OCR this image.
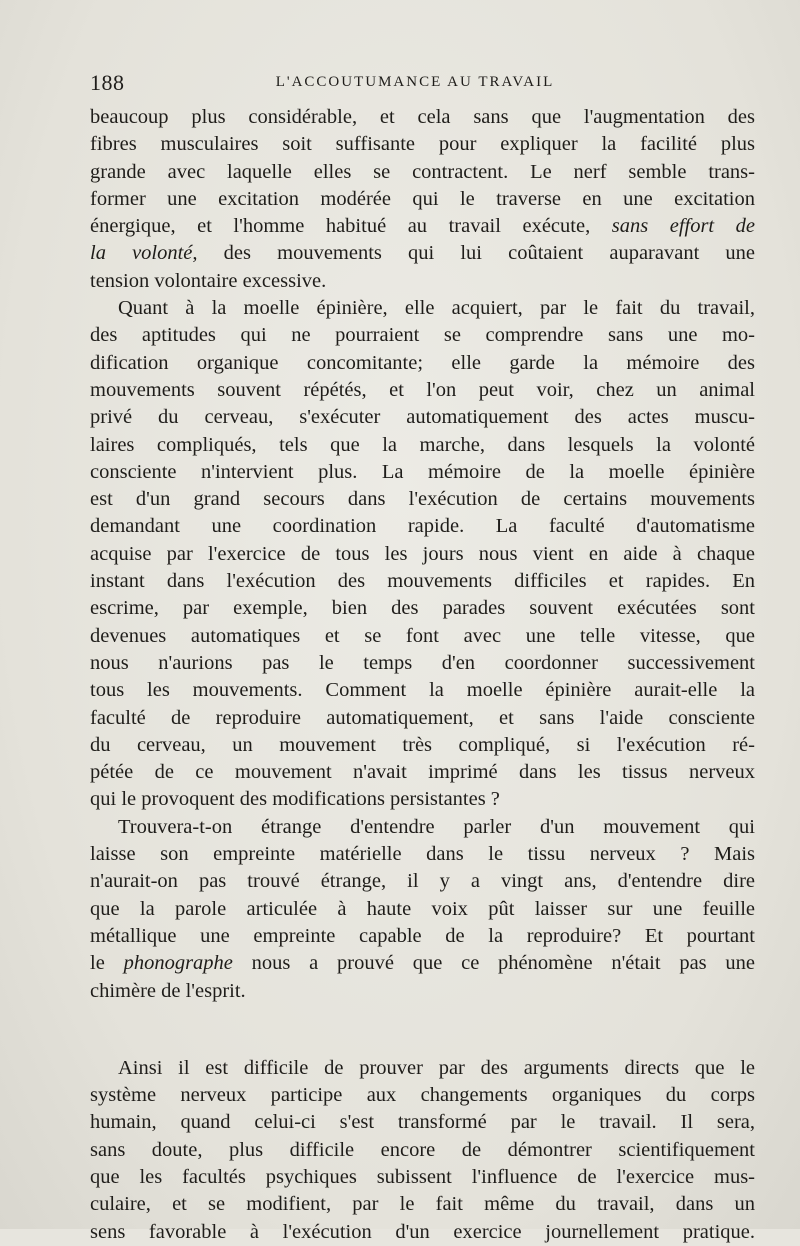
188	L'ACCOUTUMANCE AU TRAVAIL

beaucoup plus considérable, et cela sans que l'augmentation des
fibres musculaires soit suffisante pour expliquer la facilité plus
grande avec laquelle elles se contractent. Le nerf semble trans-
former une excitation modérée qui le traverse en une excitation
énergique, et l'homme habitué au travail exécute, sans effort de
la volonté, des mouvements qui lui coûtaient auparavant une
tension volontaire excessive.

Quant à la moelle épinière, elle acquiert, par le fait du travail,
des aptitudes qui ne pourraient se comprendre sans une mo-
dification organique concomitante; elle garde la mémoire des
mouvements souvent répétés, et l'on peut voir, chez un animal
privé du cerveau, s'exécuter automatiquement des actes muscu-
laires compliqués, tels que la marche, dans lesquels la volonté
consciente n'intervient plus. La mémoire de la moelle épinière
est d'un grand secours dans l'exécution de certains mouvements
demandant une coordination rapide. La faculté d'automatisme
acquise par l'exercice de tous les jours nous vient en aide à chaque
instant dans l'exécution des mouvements difficiles et rapides. En
escrime, par exemple, bien des parades souvent exécutées sont
devenues automatiques et se font avec une telle vitesse, que
nous n'aurions pas le temps d'en coordonner successivement
tous les mouvements. Comment la moelle épinière aurait-elle la
faculté de reproduire automatiquement, et sans l'aide consciente
du cerveau, un mouvement très compliqué, si l'exécution ré-
pétée de ce mouvement n'avait imprimé dans les tissus nerveux
qui le provoquent des modifications persistantes ?

Trouvera-t-on étrange d'entendre parler d'un mouvement qui
laisse son empreinte matérielle dans le tissu nerveux ? Mais
n'aurait-on pas trouvé étrange, il y a vingt ans, d'entendre dire
que la parole articulée à haute voix pût laisser sur une feuille
métallique une empreinte capable de la reproduire? Et pourtant
le phonographe nous a prouvé que ce phénomène n'était pas une
chimère de l'esprit.

Ainsi il est difficile de prouver par des arguments directs que le
système nerveux participe aux changements organiques du corps
humain, quand celui-ci s'est transformé par le travail. Il sera,
sans doute, plus difficile encore de démontrer scientifiquement
que les facultés psychiques subissent l'influence de l'exercice mus-
culaire, et se modifient, par le fait même du travail, dans un
sens favorable à l'exécution d'un exercice journellement pratique.
